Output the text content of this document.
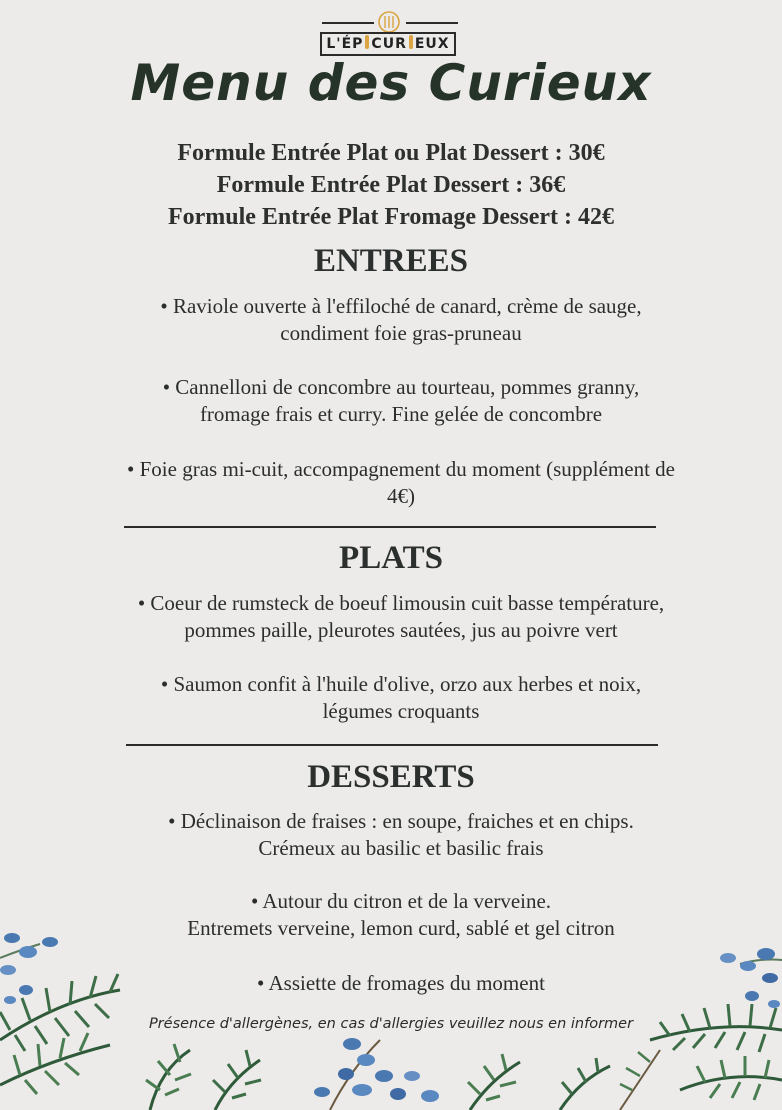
L'ÉP CUR EUX
Menu des Curieux
Formule Entrée Plat ou Plat Dessert : 30€
Formule Entrée Plat Dessert : 36€
Formule Entrée Plat Fromage Dessert : 42€
ENTREES
• Raviole ouverte à l'effiloché de canard, crème de sauge,
condiment foie gras-pruneau
• Cannelloni de concombre au tourteau, pommes granny,
fromage frais et curry. Fine gelée de concombre
• Foie gras mi-cuit, accompagnement du moment (supplément de
4€)
PLATS
• Coeur de rumsteck de boeuf limousin cuit basse température,
pommes paille, pleurotes sautées, jus au poivre vert
• Saumon confit à l'huile d'olive, orzo aux herbes et noix,
légumes croquants
DESSERTS
• Déclinaison de fraises : en soupe, fraiches et en chips.
Crémeux au basilic et basilic frais
• Autour du citron et de la verveine.
Entremets verveine, lemon curd, sablé et gel citron
• Assiette de fromages du moment
Présence d'allergènes, en cas d'allergies veuillez nous en informer
